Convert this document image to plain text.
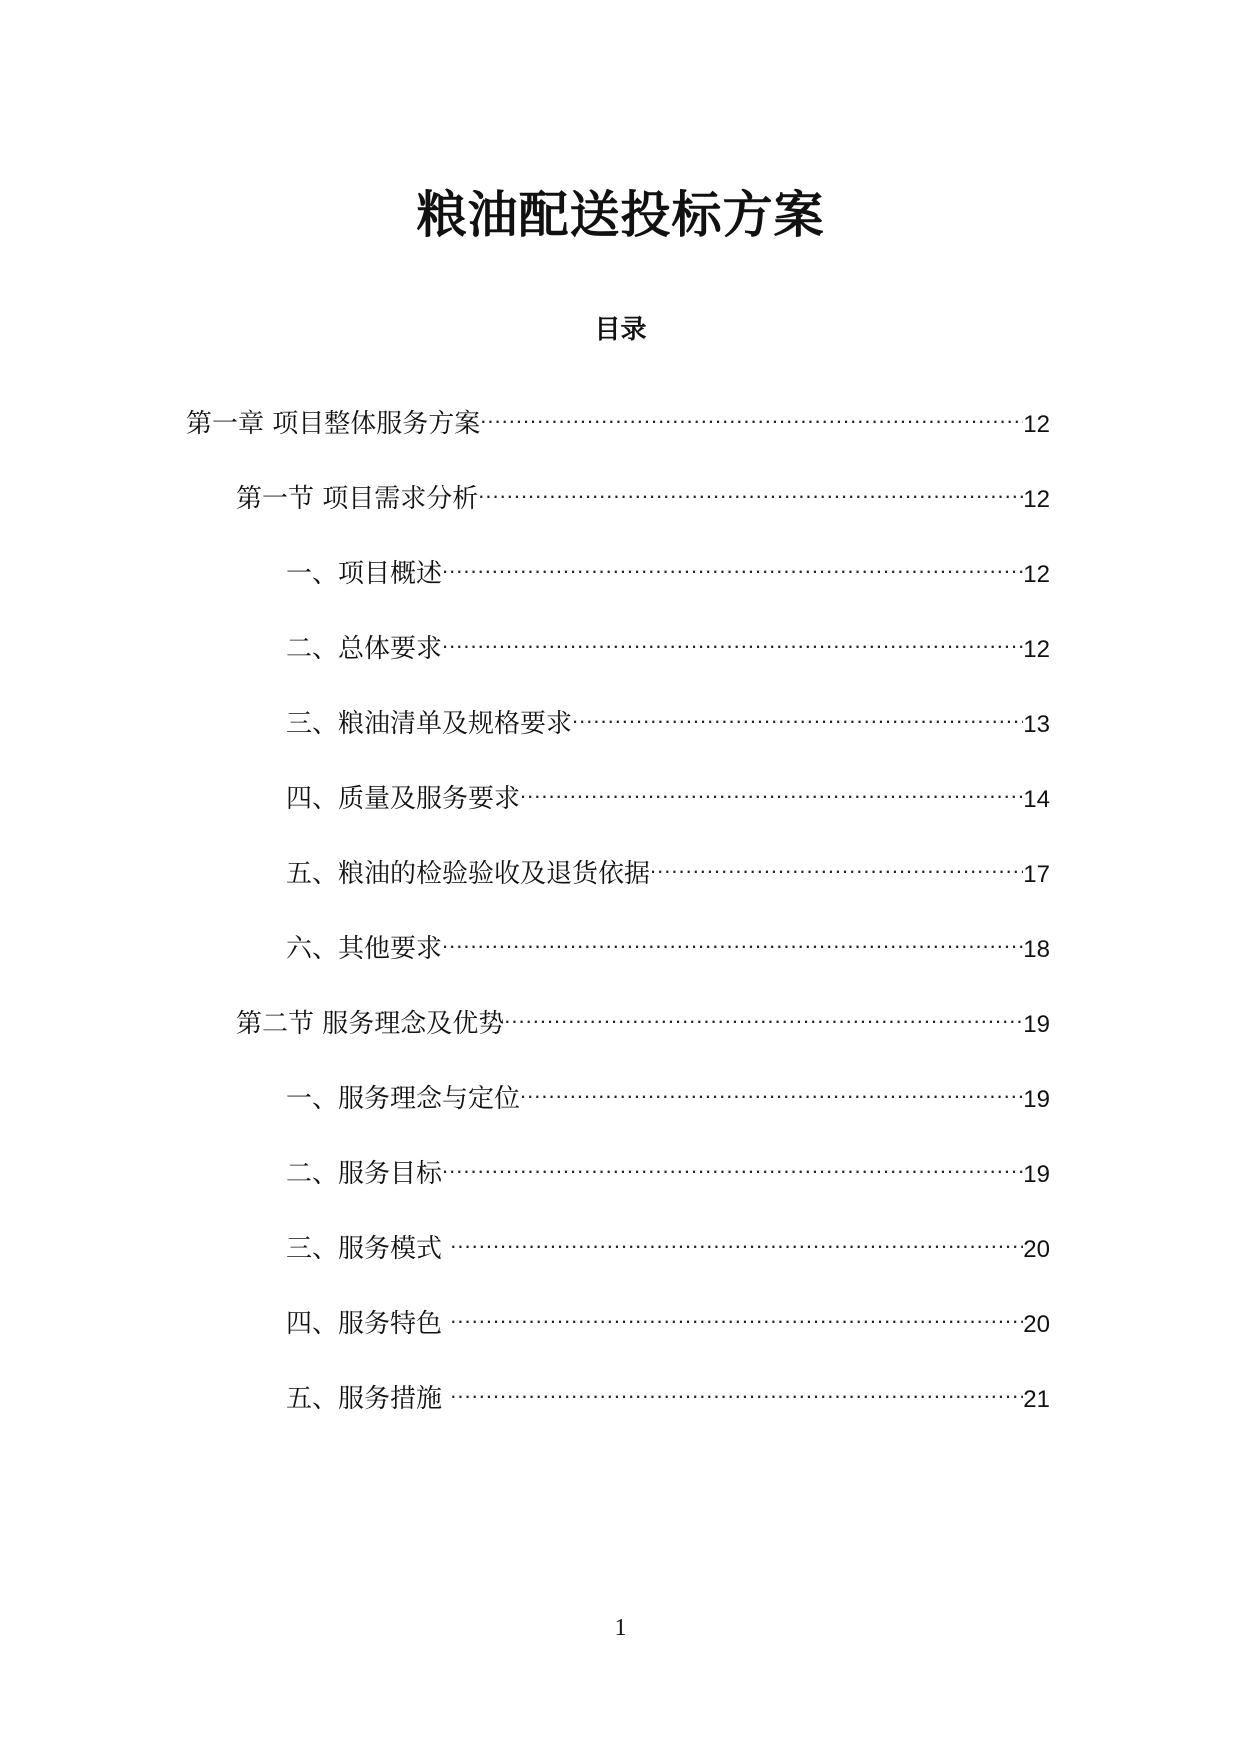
粮油配送投标方案
目录
第一章 项目整体服务方案 .....	12
第一节 项目需求分析 .....	12
一、项目概述 .....	12
二、总体要求 .....	12
三、粮油清单及规格要求 .....	13
四、质量及服务要求 .....	14
五、粮油的检验验收及退货依据 .....	17
六、其他要求 .....	18
第二节 服务理念及优势 .....	19
一、服务理念与定位 .....	19
二、服务目标 .....	19
三、服务模式 .....	20
四、服务特色 .....	20
五、服务措施 .....	21
1
